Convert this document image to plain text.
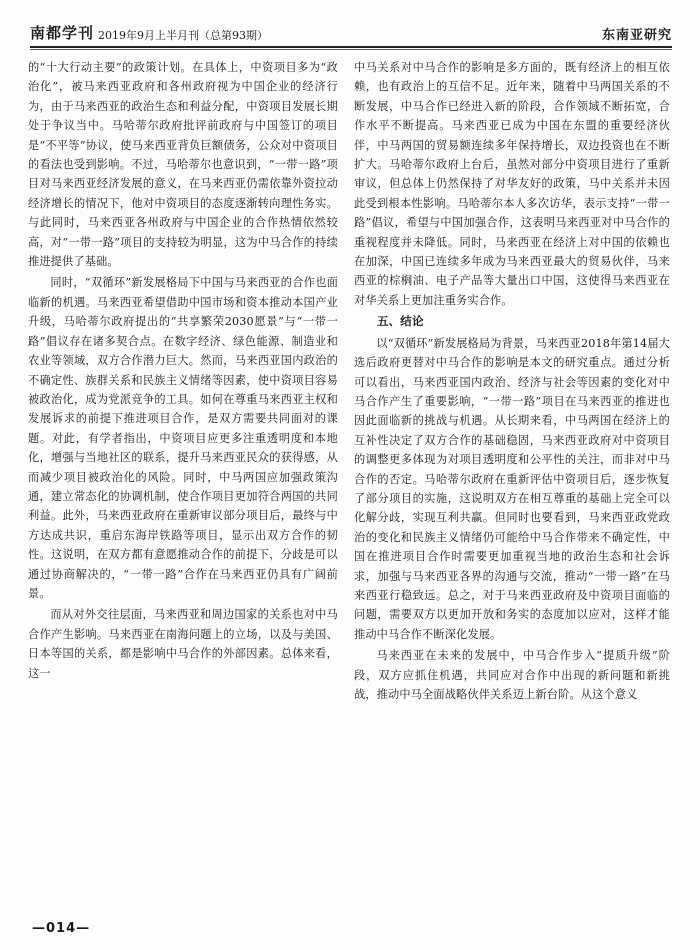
南都学刊 2019年9月上半月刊（总第93期）	东南亚研究

的“十大行动主要”的政策计划。在具体上，中资项目多为“政治化”，被马来西亚政府和各州政府视为中国企业的经济行为，由于马来西亚的政治生态和利益分配，中资项目发展长期处于争议当中。马哈蒂尔政府批评前政府与中国签订的项目是“不平等”协议，使马来西亚背负巨额债务，公众对中资项目的看法也受到影响。不过，马哈蒂尔也意识到，“一带一路”项目对马来西亚经济发展的意义，在马来西亚仍需依靠外资拉动经济增长的情况下，他对中资项目的态度逐渐转向理性务实。与此同时，马来西亚各州政府与中国企业的合作热情依然较高，对“一带一路”项目的支持较为明显，这为中马合作的持续推进提供了基础。

同时，“双循环”新发展格局下中国与马来西亚的合作也面临新的机遇。马来西亚希望借助中国市场和资本推动本国产业升级，马哈蒂尔政府提出的“共享繁荣2030愿景”与“一带一路”倡议存在诸多契合点。在数字经济、绿色能源、制造业和农业等领域，双方合作潜力巨大。然而，马来西亚国内政治的不确定性、族群关系和民族主义情绪等因素，使中资项目容易被政治化，成为党派竞争的工具。如何在尊重马来西亚主权和发展诉求的前提下推进项目合作，是双方需要共同面对的课题。对此，有学者指出，中资项目应更多注重透明度和本地化，增强与当地社区的联系，提升马来西亚民众的获得感，从而减少项目被政治化的风险。同时，中马两国应加强政策沟通，建立常态化的协调机制，使合作项目更加符合两国的共同利益。此外，马来西亚政府在重新审议部分项目后，最终与中方达成共识，重启东海岸铁路等项目，显示出双方合作的韧性。这说明，在双方都有意愿推动合作的前提下，分歧是可以通过协商解决的，“一带一路”合作在马来西亚仍具有广阔前景。

而从对外交往层面，马来西亚和周边国家的关系也对中马合作产生影响。马来西亚在南海问题上的立场，以及与美国、日本等国的关系，都是影响中马合作的外部因素。总体来看，这一

中马关系对中马合作的影响是多方面的，既有经济上的相互依赖，也有政治上的互信不足。近年来，随着中马两国关系的不断发展，中马合作已经进入新的阶段，合作领域不断拓宽，合作水平不断提高。马来西亚已成为中国在东盟的重要经济伙伴，中马两国的贸易额连续多年保持增长，双边投资也在不断扩大。马哈蒂尔政府上台后，虽然对部分中资项目进行了重新审议，但总体上仍然保持了对华友好的政策，马中关系并未因此受到根本性影响。马哈蒂尔本人多次访华，表示支持“一带一路”倡议，希望与中国加强合作，这表明马来西亚对中马合作的重视程度并未降低。同时，马来西亚在经济上对中国的依赖也在加深，中国已连续多年成为马来西亚最大的贸易伙伴，马来西亚的棕榈油、电子产品等大量出口中国，这使得马来西亚在对华关系上更加注重务实合作。

五、结论

以“双循环”新发展格局为背景，马来西亚2018年第14届大选后政府更替对中马合作的影响是本文的研究重点。通过分析可以看出，马来西亚国内政治、经济与社会等因素的变化对中马合作产生了重要影响，“一带一路”项目在马来西亚的推进也因此面临新的挑战与机遇。从长期来看，中马两国在经济上的互补性决定了双方合作的基础稳固，马来西亚政府对中资项目的调整更多体现为对项目透明度和公平性的关注，而非对中马合作的否定。马哈蒂尔政府在重新评估中资项目后，逐步恢复了部分项目的实施，这说明双方在相互尊重的基础上完全可以化解分歧，实现互利共赢。但同时也要看到，马来西亚政党政治的变化和民族主义情绪仍可能给中马合作带来不确定性，中国在推进项目合作时需要更加重视当地的政治生态和社会诉求，加强与马来西亚各界的沟通与交流，推动“一带一路”在马来西亚行稳致远。总之，对于马来西亚政府及中资项目面临的问题，需要双方以更加开放和务实的态度加以应对，这样才能推动中马合作不断深化发展。

马来西亚在未来的发展中，中马合作步入“提质升级”阶段，双方应抓住机遇，共同应对合作中出现的新问题和新挑战，推动中马全面战略伙伴关系迈上新台阶。从这个意义

—014—
